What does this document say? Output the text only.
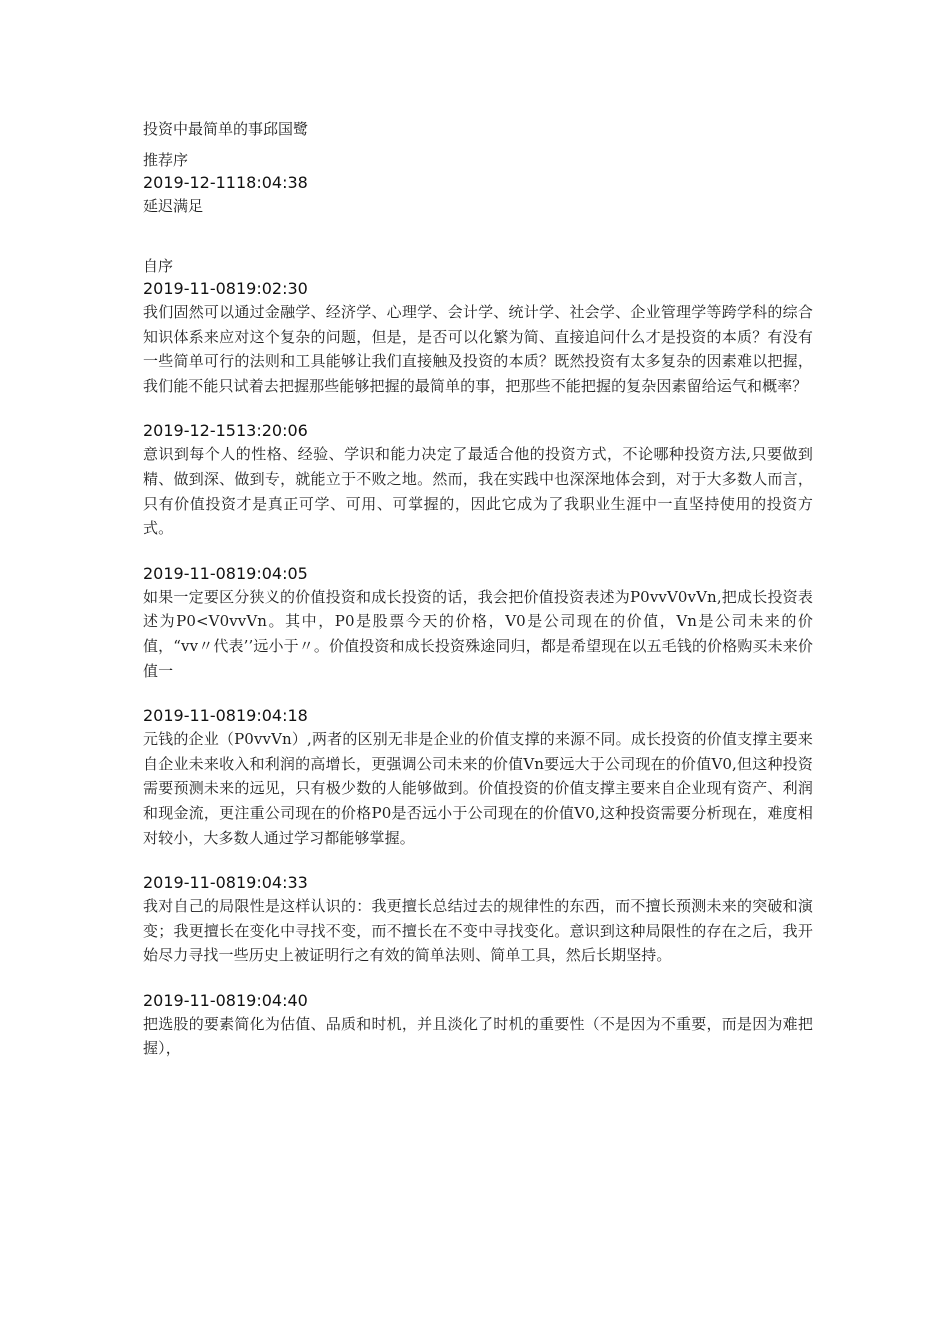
投资中最简单的事邱国鹭

推荐序

2019-12-1118:04:38

延迟满足

自序

2019-11-0819:02:30

我们固然可以通过金融学、经济学、心理学、会计学、统计学、社会学、企业管理学等跨学科的综合知识体系来应对这个复杂的问题，但是，是否可以化繁为简、直接追问什么才是投资的本质？有没有一些简单可行的法则和工具能够让我们直接触及投资的本质？既然投资有太多复杂的因素难以把握，我们能不能只试着去把握那些能够把握的最简单的事，把那些不能把握的复杂因素留给运气和概率？

2019-12-1513:20:06

意识到每个人的性格、经验、学识和能力决定了最适合他的投资方式，不论哪种投资方法,只要做到精、做到深、做到专，就能立于不败之地。然而，我在实践中也深深地体会到，对于大多数人而言，只有价值投资才是真正可学、可用、可掌握的，因此它成为了我职业生涯中一直坚持使用的投资方式。

2019-11-0819:04:05

如果一定要区分狭义的价值投资和成长投资的话，我会把价值投资表述为P0vvV0vVn,把成长投资表述为P0<V0vvVn。其中，P0是股票今天的价格，V0是公司现在的价值，Vn是公司未来的价值，“vv〃代表’’远小于〃。价值投资和成长投资殊途同归，都是希望现在以五毛钱的价格购买未来价值一

2019-11-0819:04:18

元钱的企业（P0vvVn）,两者的区别无非是企业的价值支撑的来源不同。成长投资的价值支撑主要来自企业未来收入和利润的高增长，更强调公司未来的价值Vn要远大于公司现在的价值V0,但这种投资需要预测未来的远见，只有极少数的人能够做到。价值投资的价值支撑主要来自企业现有资产、利润和现金流，更注重公司现在的价格P0是否远小于公司现在的价值V0,这种投资需要分析现在，难度相对较小，大多数人通过学习都能够掌握。

2019-11-0819:04:33

我对自己的局限性是这样认识的：我更擅长总结过去的规律性的东西，而不擅长预测未来的突破和演变；我更擅长在变化中寻找不变，而不擅长在不变中寻找变化。意识到这种局限性的存在之后，我开始尽力寻找一些历史上被证明行之有效的简单法则、简单工具，然后长期坚持。

2019-11-0819:04:40

把选股的要素简化为估值、品质和时机，并且淡化了时机的重要性（不是因为不重要，而是因为难把握），
